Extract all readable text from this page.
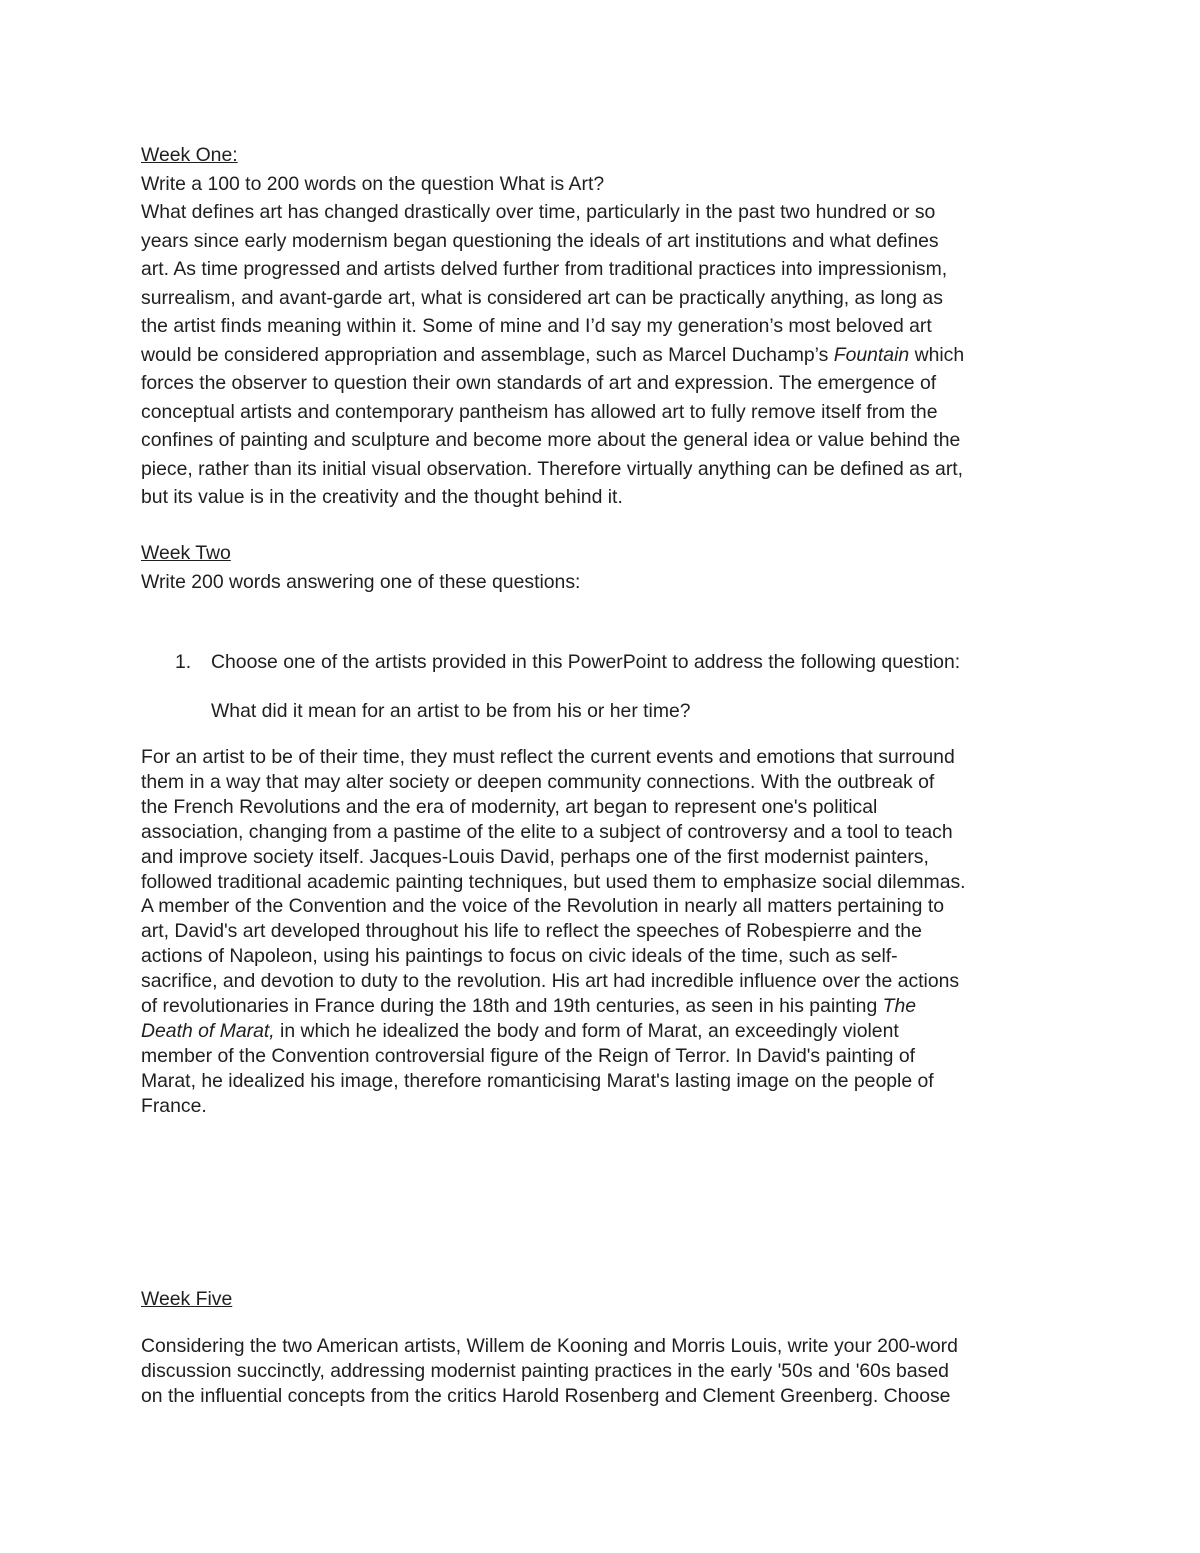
Week One:
Write a 100 to 200 words on the question What is Art?
What defines art has changed drastically over time, particularly in the past two hundred or so
years since early modernism began questioning the ideals of art institutions and what defines
art. As time progressed and artists delved further from traditional practices into impressionism,
surrealism, and avant-garde art, what is considered art can be practically anything, as long as
the artist finds meaning within it. Some of mine and I’d say my generation’s most beloved art
would be considered appropriation and assemblage, such as Marcel Duchamp’s Fountain which
forces the observer to question their own standards of art and expression. The emergence of
conceptual artists and contemporary pantheism has allowed art to fully remove itself from the
confines of painting and sculpture and become more about the general idea or value behind the
piece, rather than its initial visual observation. Therefore virtually anything can be defined as art,
but its value is in the creativity and the thought behind it.
Week Two
Write 200 words answering one of these questions:
1. Choose one of the artists provided in this PowerPoint to address the following question:
What did it mean for an artist to be from his or her time?
For an artist to be of their time, they must reflect the current events and emotions that surround
them in a way that may alter society or deepen community connections. With the outbreak of
the French Revolutions and the era of modernity, art began to represent one's political
association, changing from a pastime of the elite to a subject of controversy and a tool to teach
and improve society itself. Jacques-Louis David, perhaps one of the first modernist painters,
followed traditional academic painting techniques, but used them to emphasize social dilemmas.
A member of the Convention and the voice of the Revolution in nearly all matters pertaining to
art, David's art developed throughout his life to reflect the speeches of Robespierre and the
actions of Napoleon, using his paintings to focus on civic ideals of the time, such as self-
sacrifice, and devotion to duty to the revolution. His art had incredible influence over the actions
of revolutionaries in France during the 18th and 19th centuries, as seen in his painting The
Death of Marat, in which he idealized the body and form of Marat, an exceedingly violent
member of the Convention controversial figure of the Reign of Terror. In David's painting of
Marat, he idealized his image, therefore romanticising Marat's lasting image on the people of
France.
Week Five
Considering the two American artists, Willem de Kooning and Morris Louis, write your 200-word
discussion succinctly, addressing modernist painting practices in the early '50s and '60s based
on the influential concepts from the critics Harold Rosenberg and Clement Greenberg. Choose
